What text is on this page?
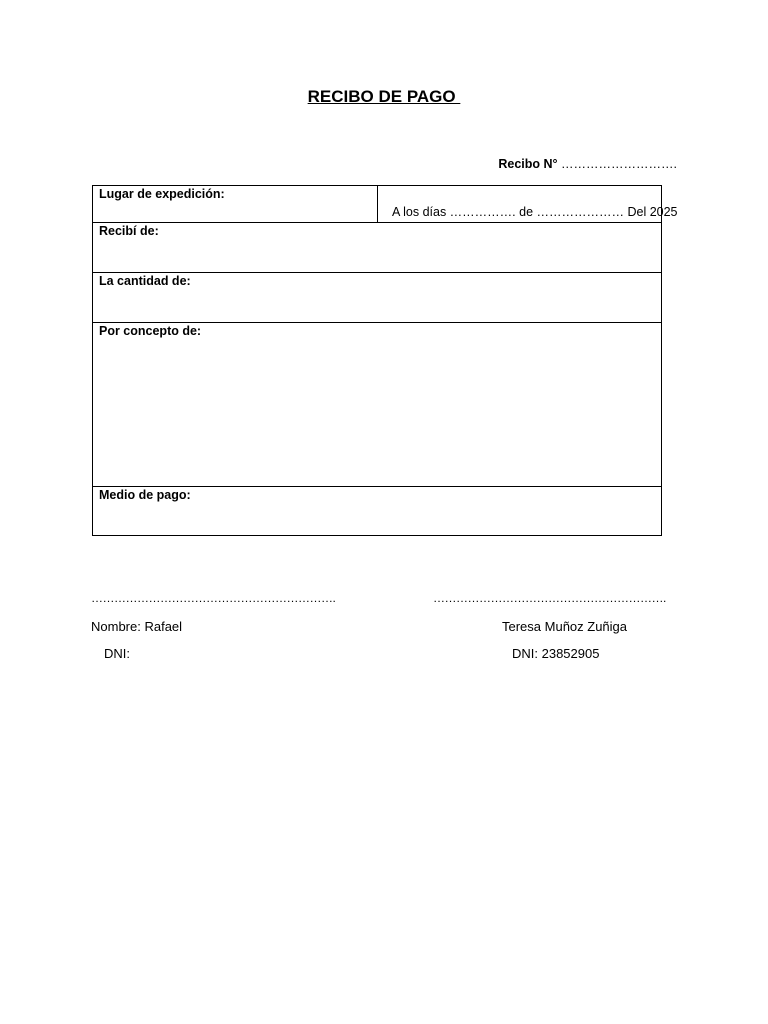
RECIBO DE PAGO
Recibo N° ……………………….
Lugar de expedición:
A los días ……………. de ………………… Del 2025
Recibí de:
La cantidad de:
Por concepto de:
Medio de pago:
……………………………………………………….	…………………………………………………….
Nombre: Rafael
DNI:
Teresa Muñoz Zuñiga
DNI: 23852905
